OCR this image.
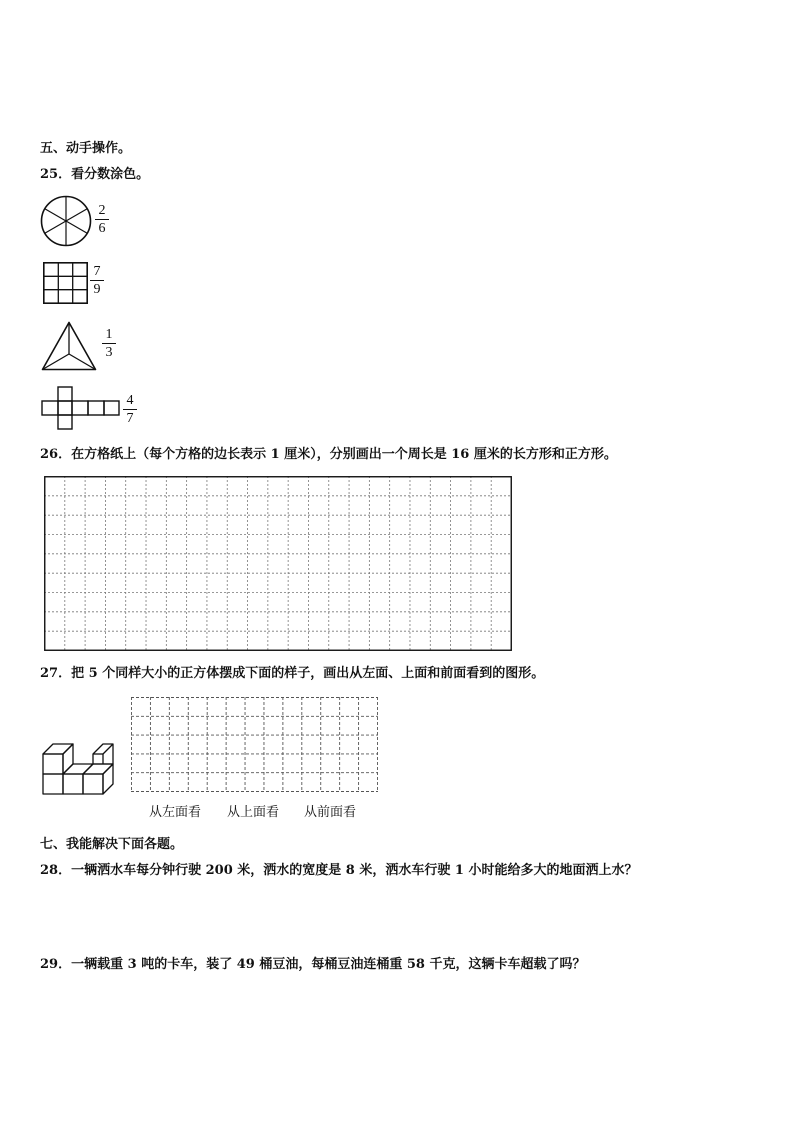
五、动手操作。
25．看分数涂色。
2
6
7
9
1
3
4
7
26．在方格纸上（每个方格的边长表示 1 厘米），分别画出一个周长是 16 厘米的长方形和正方形。
27．把 5 个同样大小的正方体摆成下面的样子，画出从左面、上面和前面看到的图形。
从左面看 从上面看 从前面看
七、我能解决下面各题。
28．一辆洒水车每分钟行驶 200 米，洒水的宽度是 8 米，洒水车行驶 1 小时能给多大的地面洒上水？
29．一辆载重 3 吨的卡车，装了 49 桶豆油，每桶豆油连桶重 58 千克，这辆卡车超载了吗？
